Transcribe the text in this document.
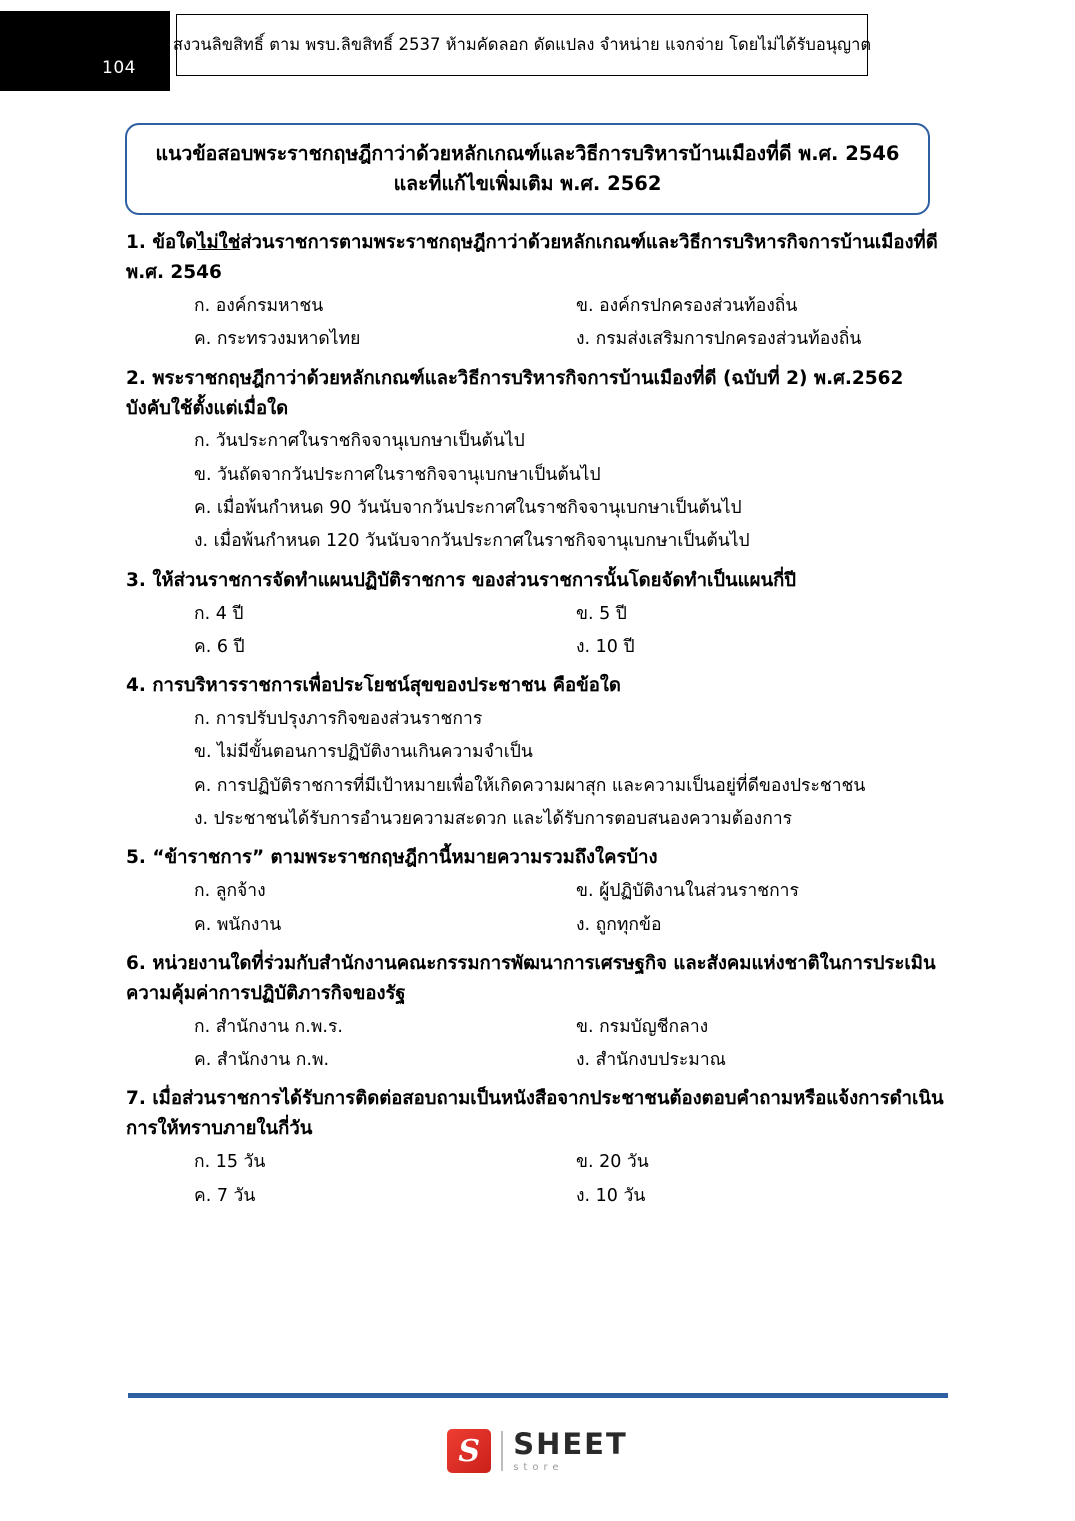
104
สงวนลิขสิทธิ์ ตาม พรบ.ลิขสิทธิ์ 2537 ห้ามคัดลอก ดัดแปลง จำหน่าย แจกจ่าย โดยไม่ได้รับอนุญาต
แนวข้อสอบพระราชกฤษฎีกาว่าด้วยหลักเกณฑ์และวิธีการบริหารบ้านเมืองที่ดี พ.ศ. 2546 และที่แก้ไขเพิ่มเติม พ.ศ. 2562

1. ข้อใดไม่ใช่ส่วนราชการตามพระราชกฤษฎีกาว่าด้วยหลักเกณฑ์และวิธีการบริหารกิจการบ้านเมืองที่ดี พ.ศ. 2546

ก. องค์กรมหาชน	ข. องค์กรปกครองส่วนท้องถิ่น
ค. กระทรวงมหาดไทย	ง. กรมส่งเสริมการปกครองส่วนท้องถิ่น

2. พระราชกฤษฎีกาว่าด้วยหลักเกณฑ์และวิธีการบริหารกิจการบ้านเมืองที่ดี (ฉบับที่ 2) พ.ศ.2562 บังคับใช้ตั้งแต่เมื่อใด

ก. วันประกาศในราชกิจจานุเบกษาเป็นต้นไป
ข. วันถัดจากวันประกาศในราชกิจจานุเบกษาเป็นต้นไป
ค. เมื่อพ้นกำหนด 90 วันนับจากวันประกาศในราชกิจจานุเบกษาเป็นต้นไป
ง. เมื่อพ้นกำหนด 120 วันนับจากวันประกาศในราชกิจจานุเบกษาเป็นต้นไป

3. ให้ส่วนราชการจัดทำแผนปฏิบัติราชการ ของส่วนราชการนั้นโดยจัดทำเป็นแผนกี่ปี

ก. 4 ปี	ข. 5 ปี
ค. 6 ปี	ง. 10 ปี

4. การบริหารราชการเพื่อประโยชน์สุขของประชาชน คือข้อใด

ก. การปรับปรุงภารกิจของส่วนราชการ
ข. ไม่มีขั้นตอนการปฏิบัติงานเกินความจำเป็น
ค. การปฏิบัติราชการที่มีเป้าหมายเพื่อให้เกิดความผาสุก และความเป็นอยู่ที่ดีของประชาชน
ง. ประชาชนได้รับการอำนวยความสะดวก และได้รับการตอบสนองความต้องการ

5. “ข้าราชการ” ตามพระราชกฤษฎีกานี้หมายความรวมถึงใครบ้าง

ก. ลูกจ้าง	ข. ผู้ปฏิบัติงานในส่วนราชการ
ค. พนักงาน	ง. ถูกทุกข้อ

6. หน่วยงานใดที่ร่วมกับสำนักงานคณะกรรมการพัฒนาการเศรษฐกิจ และสังคมแห่งชาติในการประเมินความคุ้มค่าการปฏิบัติภารกิจของรัฐ

ก. สำนักงาน ก.พ.ร.	ข. กรมบัญชีกลาง
ค. สำนักงาน ก.พ.	ง. สำนักงบประมาณ

7. เมื่อส่วนราชการได้รับการติดต่อสอบถามเป็นหนังสือจากประชาชนต้องตอบคำถามหรือแจ้งการดำเนินการให้ทราบภายในกี่วัน

ก. 15 วัน	ข. 20 วัน
ค. 7 วัน	ง. 10 วัน
S	SHEET
store
